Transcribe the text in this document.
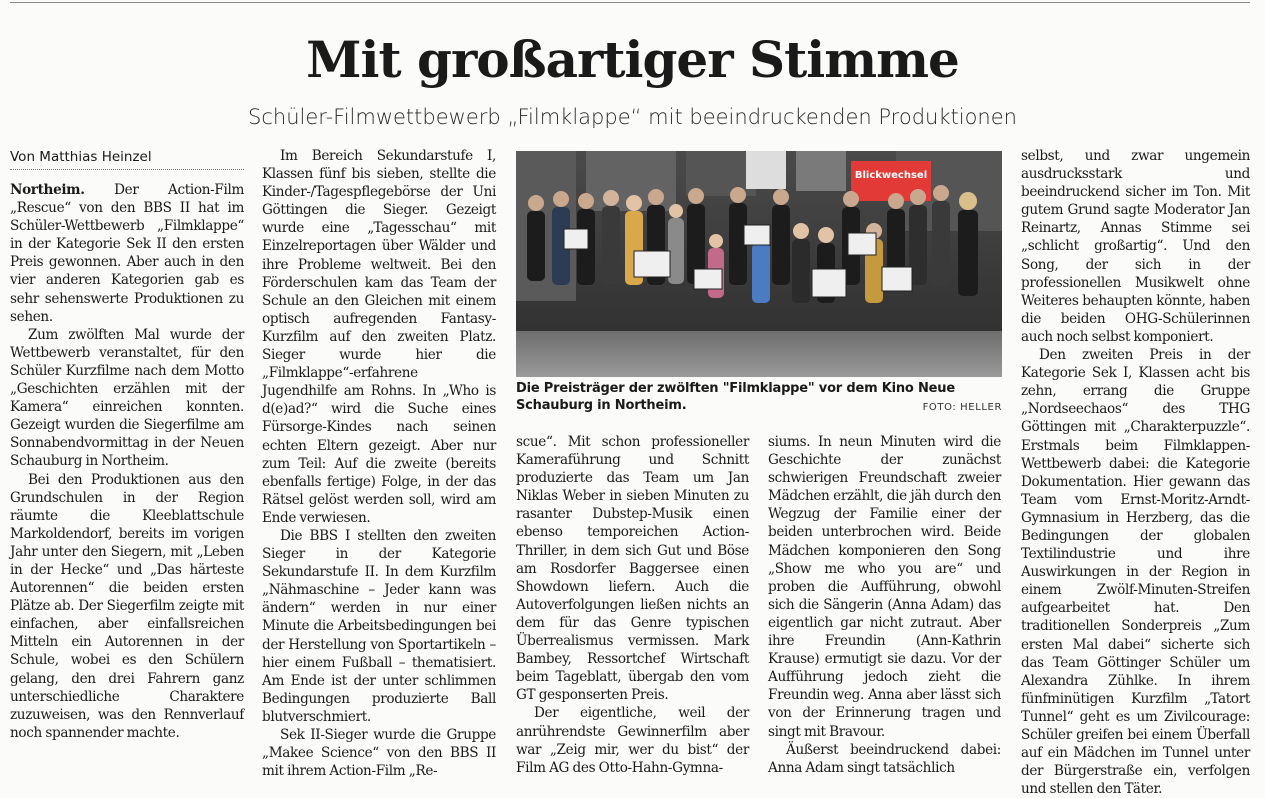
Mit großartiger Stimme
Schüler-Filmwettbewerb „Filmklappe“ mit beeindruckenden Produktionen
Von Matthias Heinzel

Northeim. Der Action-Film „Rescue“ von den BBS II hat im Schüler-Wettbewerb „Filmklappe“ in der Kategorie Sek II den ersten Preis gewonnen. Aber auch in den vier anderen Kategorien gab es sehr sehenswerte Produktionen zu sehen.

Zum zwölften Mal wurde der Wettbewerb veranstaltet, für den Schüler Kurzfilme nach dem Motto „Geschichten erzählen mit der Kamera“ einreichen konnten. Gezeigt wurden die Siegerfilme am Sonnabendvormittag in der Neuen Schauburg in Northeim.

Bei den Produktionen aus den Grundschulen in der Region räumte die Kleeblattschule Markoldendorf, bereits im vorigen Jahr unter den Siegern, mit „Leben in der Hecke“ und „Das härteste Autorennen“ die beiden ersten Plätze ab. Der Siegerfilm zeigte mit einfachen, aber einfallsreichen Mitteln ein Autorennen in der Schule, wobei es den Schülern gelang, den drei Fahrern ganz unterschiedliche Charaktere zuzuweisen, was den Rennverlauf noch spannender machte.

Im Bereich Sekundarstufe I, Klassen fünf bis sieben, stellte die Kinder-/Tagespflegebörse der Uni Göttingen die Sieger. Gezeigt wurde eine „Tagesschau“ mit Einzelreportagen über Wälder und ihre Probleme weltweit. Bei den Förderschulen kam das Team der Schule an den Gleichen mit einem optisch aufregenden Fantasy-Kurzfilm auf den zweiten Platz. Sieger wurde hier die „Filmklappe“-erfahrene Jugendhilfe am Rohns. In „Who is d(e)ad?“ wird die Suche eines Fürsorge-Kindes nach seinen echten Eltern gezeigt. Aber nur zum Teil: Auf die zweite (bereits ebenfalls fertige) Folge, in der das Rätsel gelöst werden soll, wird am Ende verwiesen.

Die BBS I stellten den zweiten Sieger in der Kategorie Sekundarstufe II. In dem Kurzfilm „Nähmaschine – Jeder kann was ändern“ werden in nur einer Minute die Arbeitsbedingungen bei der Herstellung von Sportartikeln – hier einem Fußball – thematisiert. Am Ende ist der unter schlimmen Bedingungen produzierte Ball blutverschmiert.

Sek II-Sieger wurde die Gruppe „Makee Science“ von den BBS II mit ihrem Action-Film „Re-

Blickwechsel
Die Preisträger der zwölften "Filmklappe" vor dem Kino Neue Schauburg in Northeim.	FOTO: HELLER

scue“. Mit schon professioneller Kameraführung und Schnitt produzierte das Team um Jan Niklas Weber in sieben Minuten zu rasanter Dubstep-Musik einen ebenso temporeichen Action-Thriller, in dem sich Gut und Böse am Rosdorfer Baggersee einen Showdown liefern. Auch die Autoverfolgungen ließen nichts an dem für das Genre typischen Überrealismus vermissen. Mark Bambey, Ressortchef Wirtschaft beim Tageblatt, übergab den vom GT gesponserten Preis.

Der eigentliche, weil der anrührendste Gewinnerfilm aber war „Zeig mir, wer du bist“ der Film AG des Otto-Hahn-Gymna-

siums. In neun Minuten wird die Geschichte der zunächst schwierigen Freundschaft zweier Mädchen erzählt, die jäh durch den Wegzug der Familie einer der beiden unterbrochen wird. Beide Mädchen komponieren den Song „Show me who you are“ und proben die Aufführung, obwohl sich die Sängerin (Anna Adam) das eigentlich gar nicht zutraut. Aber ihre Freundin (Ann-Kathrin Krause) ermutigt sie dazu. Vor der Aufführung jedoch zieht die Freundin weg. Anna aber lässt sich von der Erinnerung tragen und singt mit Bravour.

Äußerst beeindruckend dabei: Anna Adam singt tatsächlich

selbst, und zwar ungemein ausdrucksstark und beeindruckend sicher im Ton. Mit gutem Grund sagte Moderator Jan Reinartz, Annas Stimme sei „schlicht großartig“. Und den Song, der sich in der professionellen Musikwelt ohne Weiteres behaupten könnte, haben die beiden OHG-Schülerinnen auch noch selbst komponiert.

Den zweiten Preis in der Kategorie Sek I, Klassen acht bis zehn, errang die Gruppe „Nordseechaos“ des THG Göttingen mit „Charakterpuzzle“. Erstmals beim Filmklappen-Wettbewerb dabei: die Kategorie Dokumentation. Hier gewann das Team vom Ernst-Moritz-Arndt-Gymnasium in Herzberg, das die Bedingungen der globalen Textilindustrie und ihre Auswirkungen in der Region in einem Zwölf-Minuten-Streifen aufgearbeitet hat. Den traditionellen Sonderpreis „Zum ersten Mal dabei“ sicherte sich das Team Göttinger Schüler um Alexandra Zühlke. In ihrem fünfminütigen Kurzfilm „Tatort Tunnel“ geht es um Zivilcourage: Schüler greifen bei einem Überfall auf ein Mädchen im Tunnel unter der Bürgerstraße ein, verfolgen und stellen den Täter.
